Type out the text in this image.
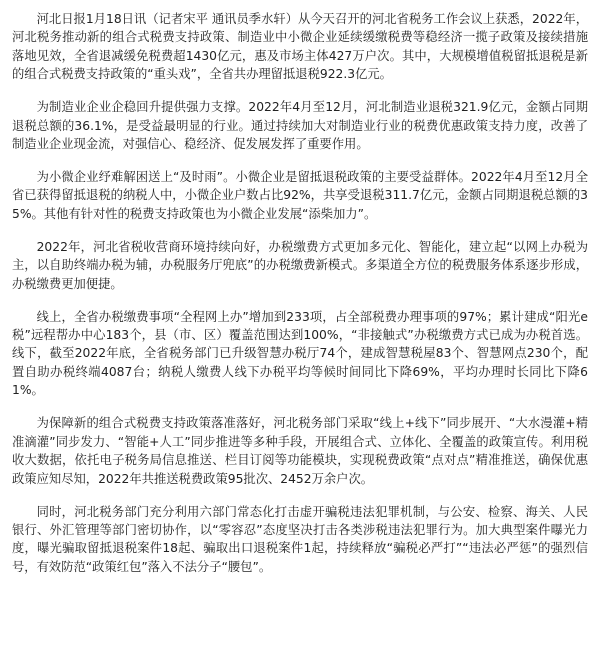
河北日报1月18日讯（记者宋平 通讯员季水轩）从今天召开的河北省税务工作会议上获悉，2022年，河北税务推动新的组合式税费支持政策、制造业中小微企业延续缓缴税费等稳经济一揽子政策及接续措施落地见效，全省退减缓免税费超1430亿元，惠及市场主体427万户次。其中，大规模增值税留抵退税是新的组合式税费支持政策的“重头戏”，全省共办理留抵退税922.3亿元。

为制造业企业企稳回升提供强力支撑。2022年4月至12月，河北制造业退税321.9亿元，金额占同期退税总额的36.1%，是受益最明显的行业。通过持续加大对制造业行业的税费优惠政策支持力度，改善了制造业企业现金流，对强信心、稳经济、促发展发挥了重要作用。

为小微企业纾难解困送上“及时雨”。小微企业是留抵退税政策的主要受益群体。2022年4月至12月全省已获得留抵退税的纳税人中，小微企业户数占比92%，共享受退税311.7亿元，金额占同期退税总额的35%。其他有针对性的税费支持政策也为小微企业发展“添柴加力”。

2022年，河北省税收营商环境持续向好，办税缴费方式更加多元化、智能化，建立起“以网上办税为主，以自助终端办税为辅，办税服务厅兜底”的办税缴费新模式。多渠道全方位的税费服务体系逐步形成，办税缴费更加便捷。

线上，全省办税缴费事项“全程网上办”增加到233项，占全部税费办理事项的97%；累计建成“阳光e税”远程帮办中心183个，县（市、区）覆盖范围达到100%，“非接触式”办税缴费方式已成为办税首选。线下，截至2022年底，全省税务部门已升级智慧办税厅74个，建成智慧税屋83个、智慧网点230个，配置自助办税终端4087台；纳税人缴费人线下办税平均等候时间同比下降69%，平均办理时长同比下降61%。

为保障新的组合式税费支持政策落准落好，河北税务部门采取“线上+线下”同步展开、“大水漫灌+精准滴灌”同步发力、“智能+人工”同步推进等多种手段，开展组合式、立体化、全覆盖的政策宣传。利用税收大数据，依托电子税务局信息推送、栏目订阅等功能模块，实现税费政策“点对点”精准推送，确保优惠政策应知尽知，2022年共推送税费政策95批次、2452万余户次。

同时，河北税务部门充分利用六部门常态化打击虚开骗税违法犯罪机制，与公安、检察、海关、人民银行、外汇管理等部门密切协作，以“零容忍”态度坚决打击各类涉税违法犯罪行为。加大典型案件曝光力度，曝光骗取留抵退税案件18起、骗取出口退税案件1起，持续释放“骗税必严打”“违法必严惩”的强烈信号，有效防范“政策红包”落入不法分子“腰包”。
